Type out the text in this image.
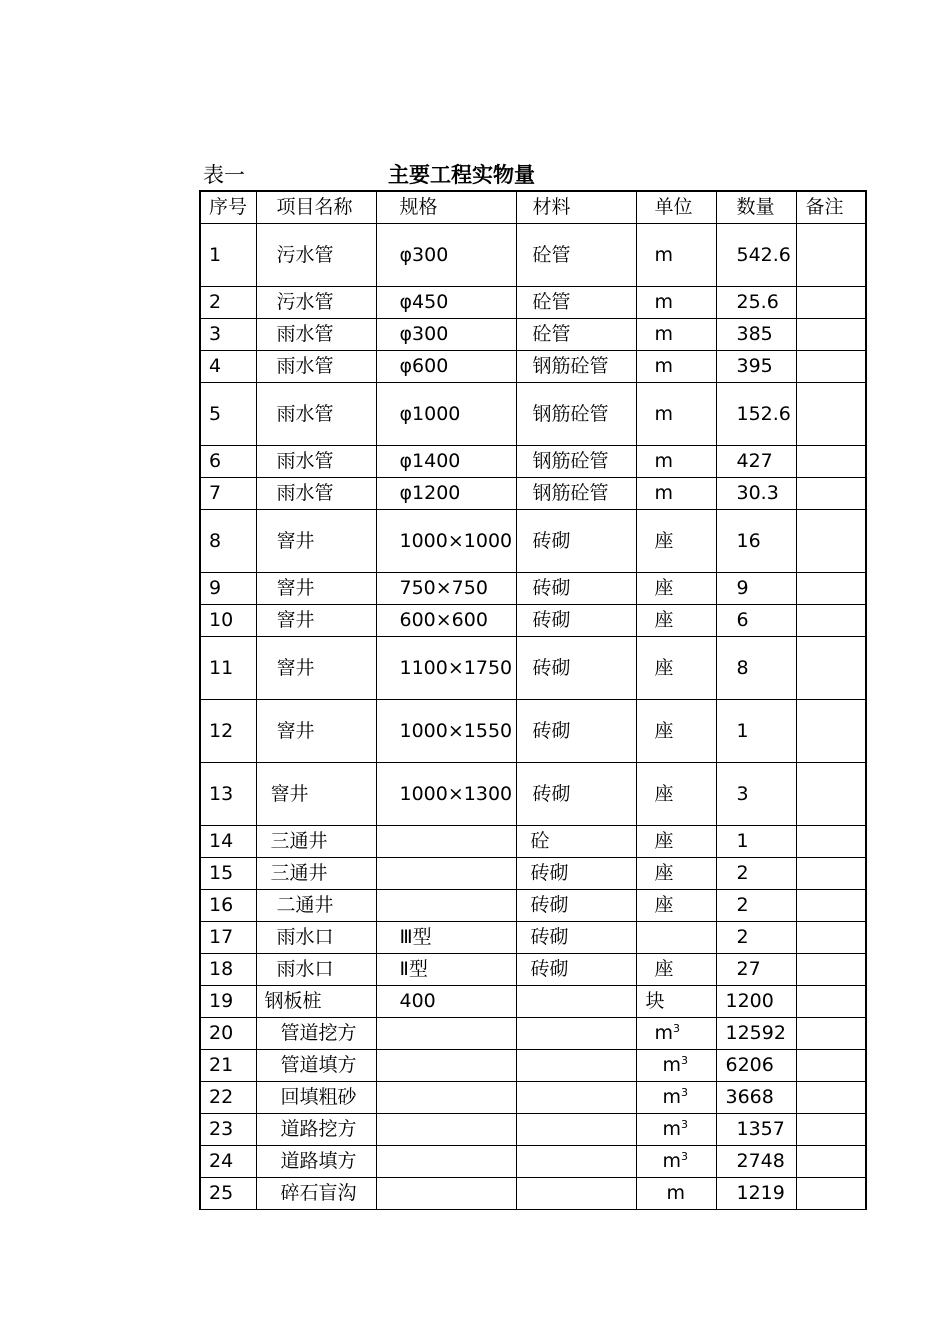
表一	主要工程实物量
序号	项目名称	规格	材料	单位	数量	备注
1	污水管	φ300	砼管	m	542.6	
2	污水管	φ450	砼管	m	25.6	
3	雨水管	φ300	砼管	m	385	
4	雨水管	φ600	钢筋砼管	m	395	
5	雨水管	φ1000	钢筋砼管	m	152.6	
6	雨水管	φ1400	钢筋砼管	m	427	
7	雨水管	φ1200	钢筋砼管	m	30.3	
8	窨井	1000×1000	砖砌	座	16	
9	窨井	750×750	砖砌	座	9	
10	窨井	600×600	砖砌	座	6	
11	窨井	1100×1750	砖砌	座	8	
12	窨井	1000×1550	砖砌	座	1	
13	窨井	1000×1300	砖砌	座	3	
14	三通井		砼	座	1	
15	三通井		砖砌	座	2	
16	二通井		砖砌	座	2	
17	雨水口	Ⅲ型	砖砌		2	
18	雨水口	Ⅱ型	砖砌	座	27	
19	钢板桩	400		块	1200	
20	管道挖方			$m^3$	12592	
21	管道填方			$m^3$	6206	
22	回填粗砂			$m^3$	3668	
23	道路挖方			$m^3$	1357	
24	道路填方			$m^3$	2748	
25	碎石盲沟			m	1219	
